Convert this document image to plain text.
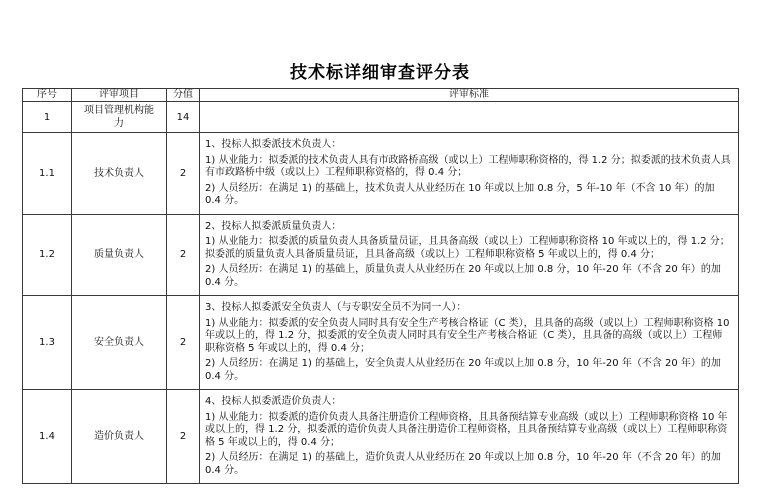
技术标详细审查评分表
序号	评审项目	分值	评审标准
1	项目管理机构能力	14	
1.1	技术负责人	2	1、投标人拟委派技术负责人：

1) 从业能力：拟委派的技术负责人具有市政路桥高级（或以上）工程师职称资格的，得 1.2 分；拟委派的技术负责人具有市政路桥中级（或以上）工程师职称资格的，得 0.4 分；

2) 人员经历：在满足 1) 的基础上，技术负责人从业经历在 10 年或以上加 0.8 分，5 年-10 年（不含 10 年）的加 0.4 分。

1.2	质量负责人	2	2、投标人拟委派质量负责人：

1) 从业能力：拟委派的质量负责人具备质量员证，且具备高级（或以上）工程师职称资格 10 年或以上的，得 1.2 分；拟委派的质量负责人具备质量员证，且具备高级（或以上）工程师职称资格 5 年或以上的，得 0.4 分；

2) 人员经历：在满足 1) 的基础上，质量负责人从业经历在 20 年或以上加 0.8 分，10 年-20 年（不含 20 年）的加 0.4 分。

1.3	安全负责人	2	3、投标人拟委派安全负责人（与专职安全员不为同一人）：

1) 从业能力：拟委派的安全负责人同时具有安全生产考核合格证（C 类），且具备的高级（或以上）工程师职称资格 10 年或以上的，得 1.2 分，拟委派的安全负责人同时具有安全生产考核合格证（C 类），且具备的高级（或以上）工程师职称资格 5 年或以上的，得 0.4 分；

2) 人员经历：在满足 1) 的基础上，安全负责人从业经历在 20 年或以上加 0.8 分，10 年-20 年（不含 20 年）的加 0.4 分。

1.4	造价负责人	2	4、投标人拟委派造价负责人：

1) 从业能力：拟委派的造价负责人具备注册造价工程师资格，且具备预结算专业高级（或以上）工程师职称资格 10 年或以上的，得 1.2 分，拟委派的造价负责人具备注册造价工程师资格，且具备预结算专业高级（或以上）工程师职称资格 5 年或以上的，得 0.4 分；

2) 人员经历：在满足 1) 的基础上，造价负责人从业经历在 20 年或以上加 0.8 分，10 年-20 年（不含 20 年）的加 0.4 分。
